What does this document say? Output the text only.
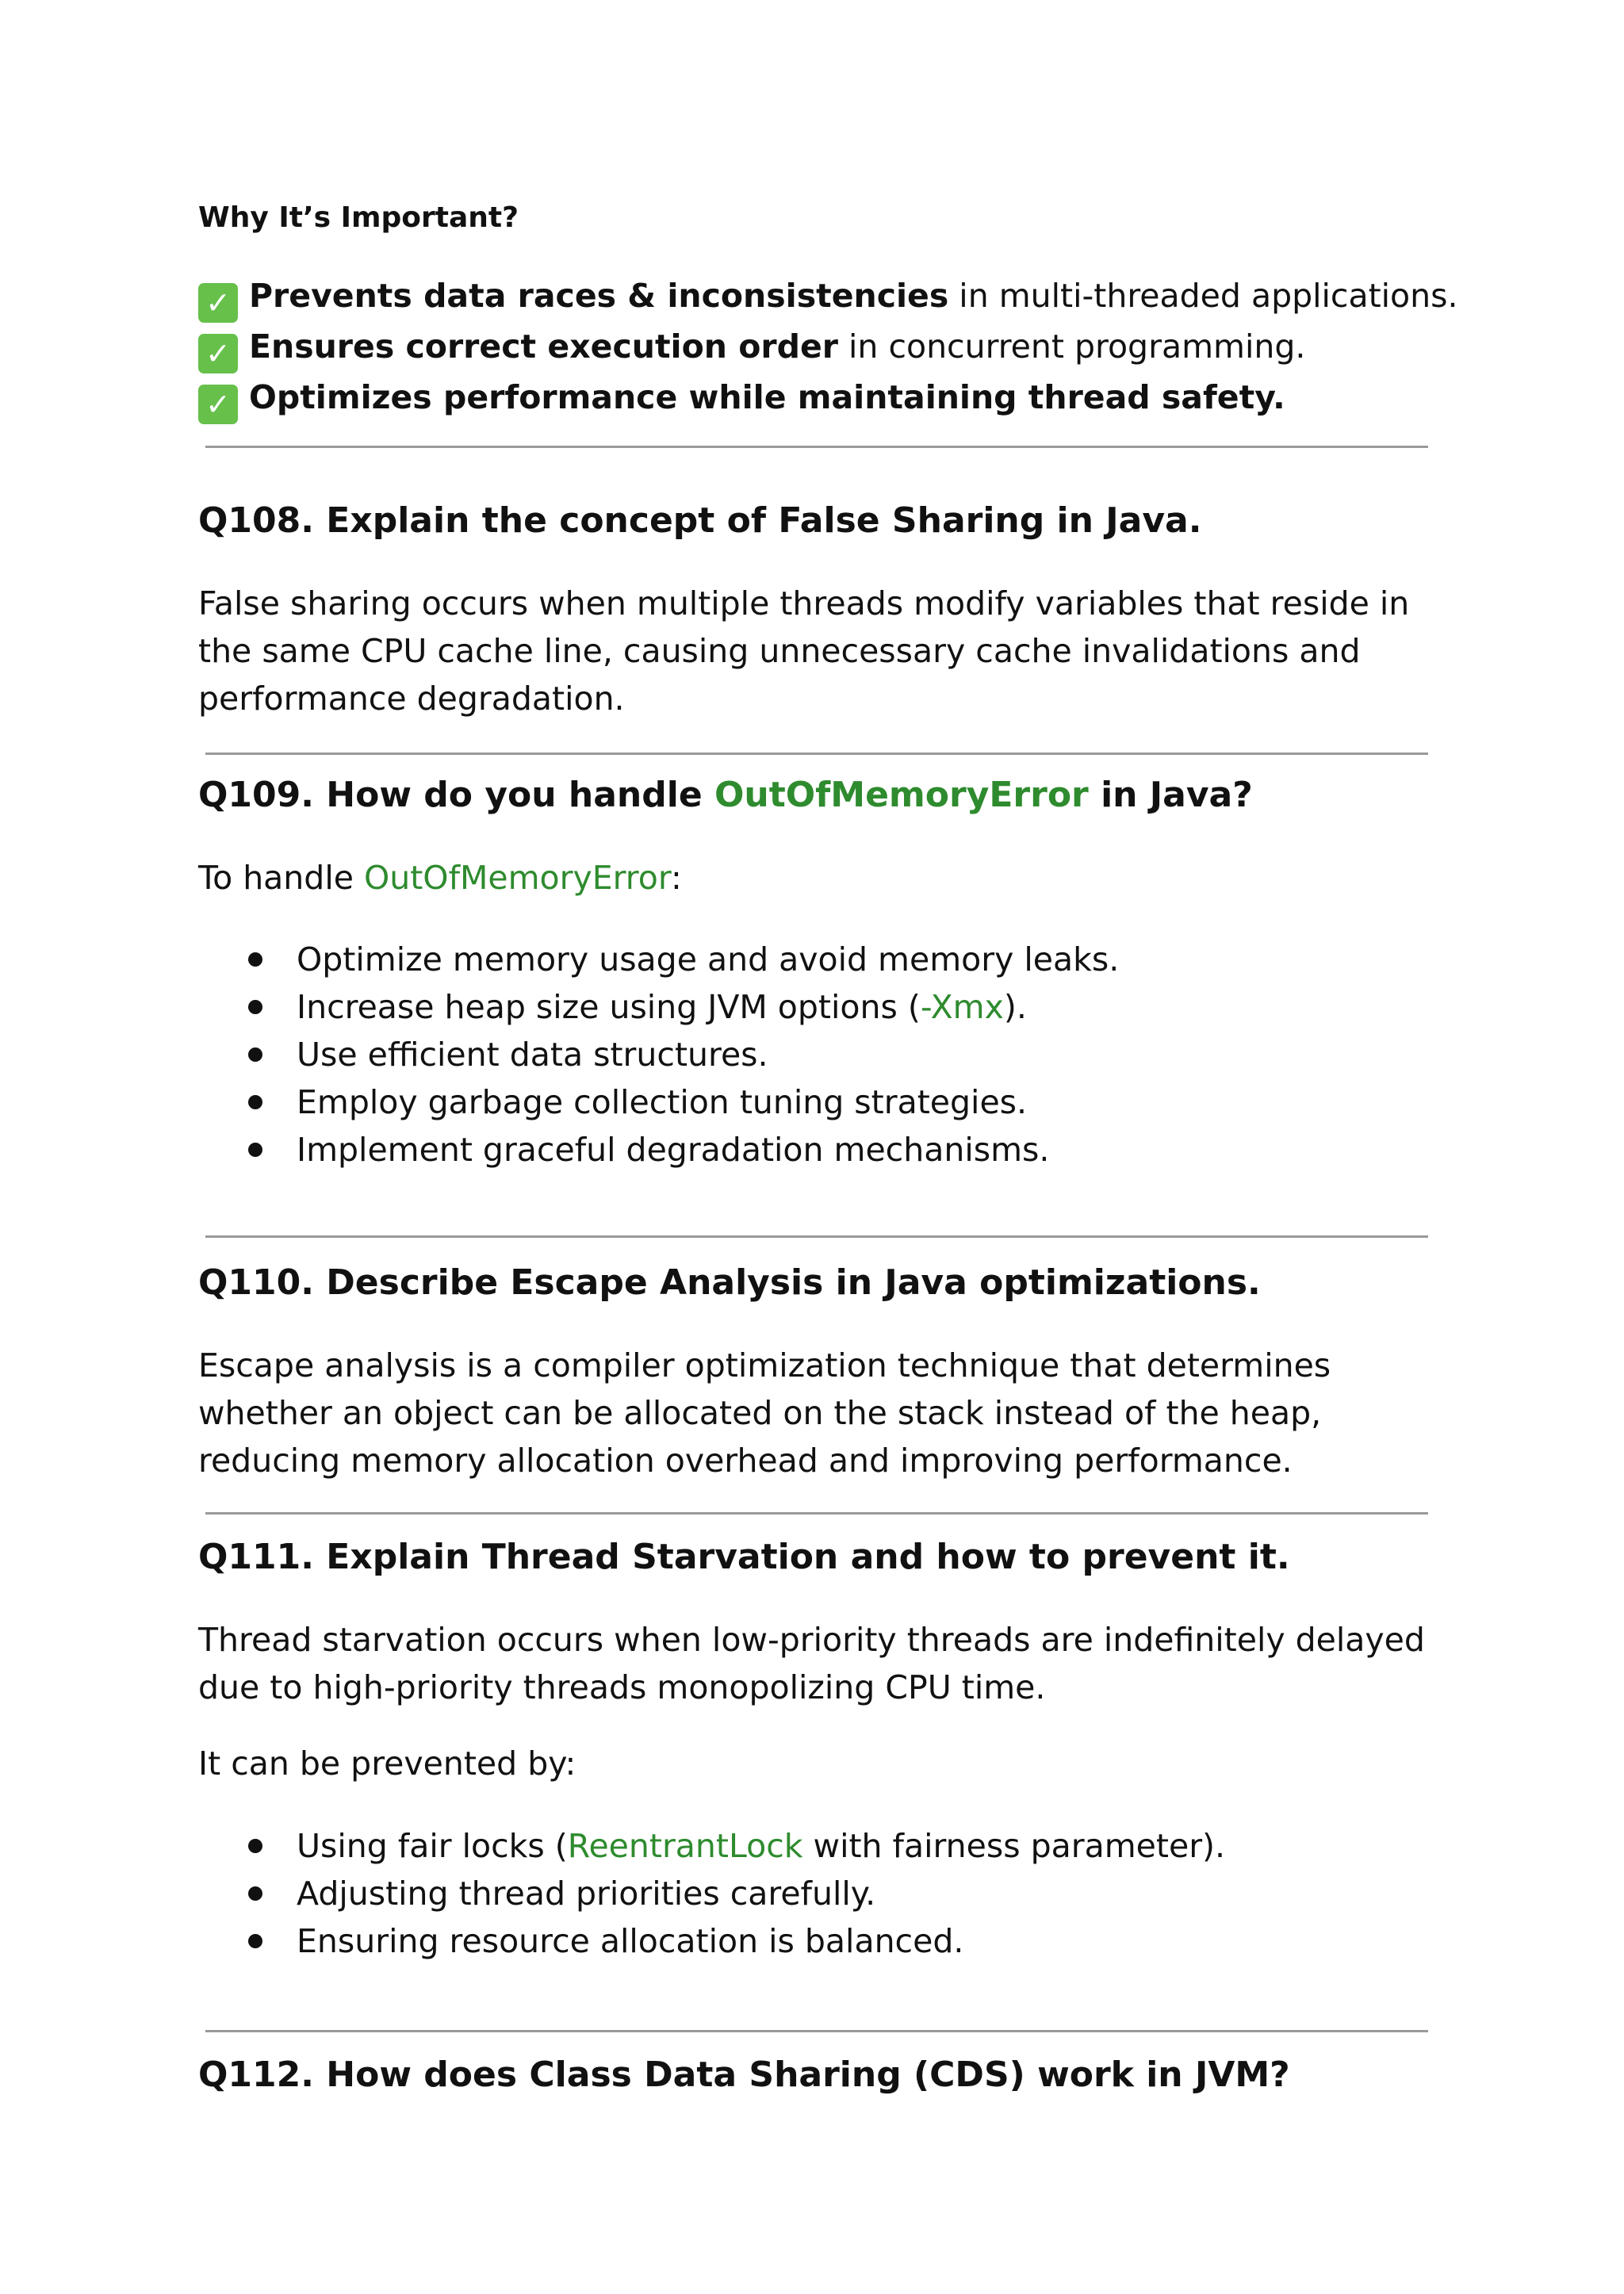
Why It’s Important?
✓ Prevents data races & inconsistencies in multi-threaded applications.
✓ Ensures correct execution order in concurrent programming.
✓ Optimizes performance while maintaining thread safety.
Q108. Explain the concept of False Sharing in Java.
False sharing occurs when multiple threads modify variables that reside in
the same CPU cache line, causing unnecessary cache invalidations and
performance degradation.
Q109. How do you handle OutOfMemoryError in Java?
To handle OutOfMemoryError:
Optimize memory usage and avoid memory leaks.
Increase heap size using JVM options (-Xmx).
Use efficient data structures.
Employ garbage collection tuning strategies.
Implement graceful degradation mechanisms.
Q110. Describe Escape Analysis in Java optimizations.
Escape analysis is a compiler optimization technique that determines
whether an object can be allocated on the stack instead of the heap,
reducing memory allocation overhead and improving performance.
Q111. Explain Thread Starvation and how to prevent it.
Thread starvation occurs when low-priority threads are indefinitely delayed
due to high-priority threads monopolizing CPU time.
It can be prevented by:
Using fair locks (ReentrantLock with fairness parameter).
Adjusting thread priorities carefully.
Ensuring resource allocation is balanced.
Q112. How does Class Data Sharing (CDS) work in JVM?
